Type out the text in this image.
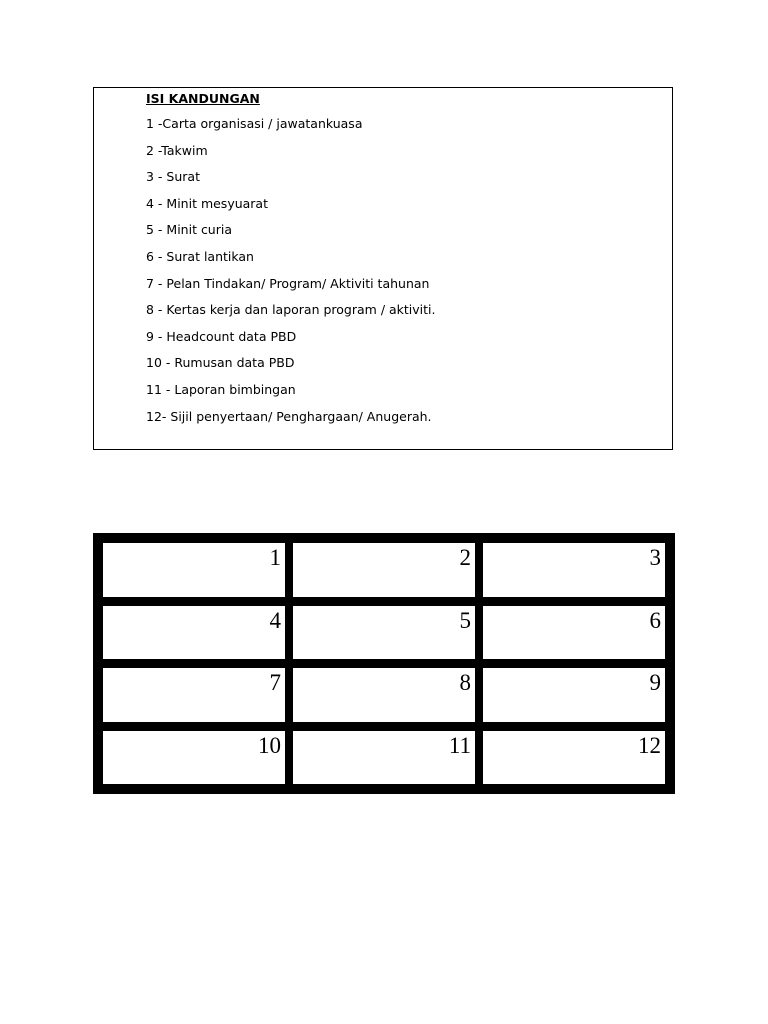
ISI KANDUNGAN
1 -Carta organisasi / jawatankuasa
2 -Takwim
3 - Surat
4 - Minit mesyuarat
5 - Minit curia
6 - Surat lantikan
7 - Pelan Tindakan/ Program/ Aktiviti tahunan
8 - Kertas kerja dan laporan program / aktiviti.
9 - Headcount data PBD
10 - Rumusan data PBD
11 - Laporan bimbingan
12- Sijil penyertaan/ Penghargaan/ Anugerah.
1	2	3
4	5	6
7	8	9
10	11	12
